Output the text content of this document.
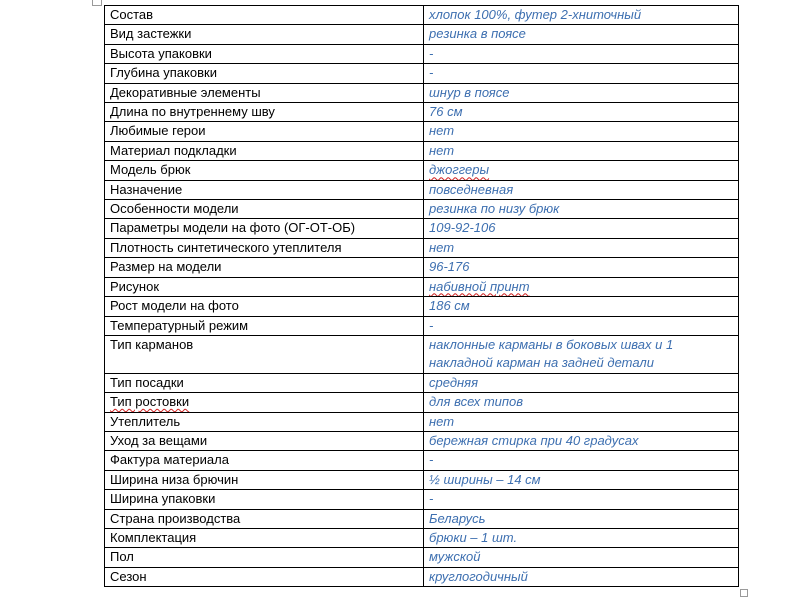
Состав	хлопок 100%, футер 2-хниточный
Вид застежки	резинка в поясе
Высота упаковки	-
Глубина упаковки	-
Декоративные элементы	шнур в поясе
Длина по внутреннему шву	76 см
Любимые герои	нет
Материал подкладки	нет
Модель брюк	джоггеры
Назначение	повседневная
Особенности модели	резинка по низу брюк
Параметры модели на фото (ОГ-ОТ-ОБ)	109-92-106
Плотность синтетического утеплителя	нет
Размер на модели	96-176
Рисунок	набивной принт
Рост модели на фото	186 см
Температурный режим	-
Тип карманов	наклонные карманы в боковых швах и 1 накладной карман на задней детали
Тип посадки	средняя
Тип ростовки	для всех типов
Утеплитель	нет
Уход за вещами	бережная стирка при 40 градусах
Фактура материала	-
Ширина низа брючин	½ ширины – 14 см
Ширина упаковки	-
Страна производства	Беларусь
Комплектация	брюки – 1 шт.
Пол	мужской
Сезон	круглогодичный
